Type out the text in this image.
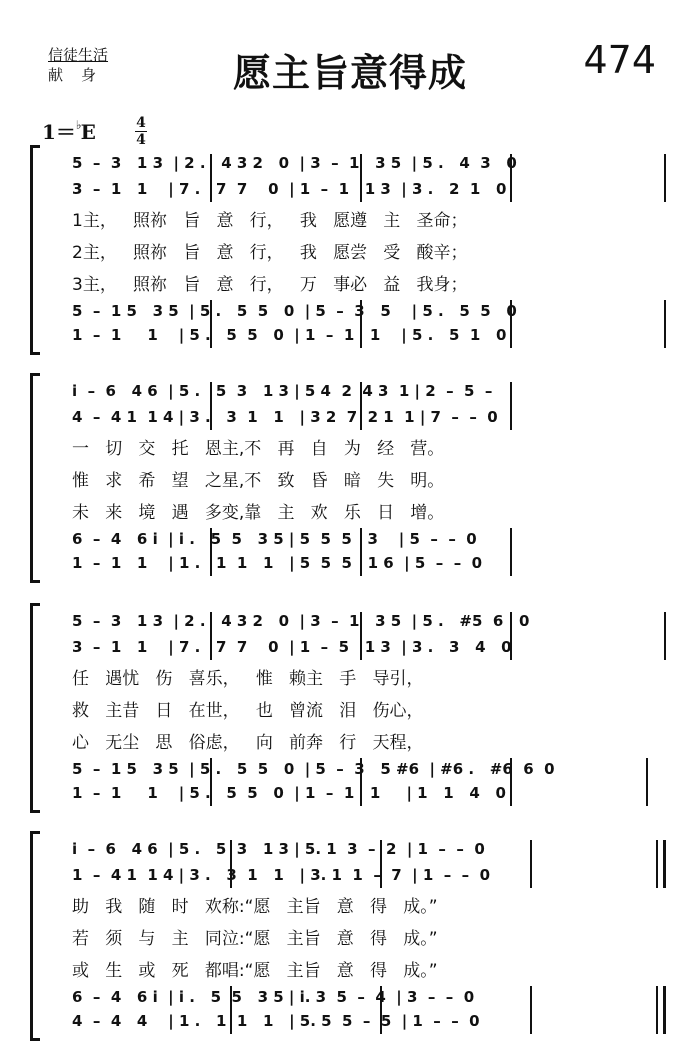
信徒生活
献身	愿主旨意得成	474
1＝♭E	4
4
5  –  3   1 3  | 2 .   4 3 2   0  | 3  –  1   3 5  | 5 .   4  3   0
3  –  1   1    | 7 .   7  7    0  | 1  –  1   1 3  | 3 .   2  1   0
1主，   照祢   旨   意   行，   我   愿遵   主   圣命；
2主，   照祢   旨   意   行，   我   愿尝   受   酸辛；
3主，   照祢   旨   意   行，   万   事必   益   我身；
5  –  1 5   3 5  | 5 .   5  5   0  | 5  –  3   5    | 5 .   5  5   0
1  –  1     1    | 5 .   5  5   0  | 1  –  1   1    | 5 .   5  1   0
i  –  6   4 6  | 5 .   5  3   1 3 | 5 4  2  4 3  1 | 2  –  5  –
4  –  4 1  1 4 | 3 .   3  1   1   | 3 2  7  2 1  1 | 7  –  –  0
一   切   交   托   恩主,不   再   自   为   经   营。
惟   求   希   望   之星,不   致   昏   暗   失   明。
未   来   境   遇   多变,靠   主   欢   乐   日   增。
6  –  4   6 i  | i .   5  5   3 5 | 5  5  5   3    | 5  –  –  0
1  –  1   1    | 1 .   1  1   1   | 5  5  5   1 6  | 5  –  –  0
5  –  3   1 3  | 2 .   4 3 2   0  | 3  –  1   3 5  | 5 .   #5  6   0
3  –  1   1    | 7 .   7  7    0  | 1  –  5   1 3  | 3 .   3   4   0
任   遇忧   伤   喜乐，   惟   赖主   手   导引，
救   主昔   日   在世，   也   曾流   泪   伤心，
心   无尘   思   俗虑，   向   前奔   行   天程，
5  –  1 5   3 5  | 5 .   5  5   0  | 5  –  3   5 #6  | #6 .   #6  6  0
1  –  1     1    | 5 .   5  5   0  | 1  –  1   1     | 1   1   4   0
i  –  6   4 6  | 5 .   5  3   1 3 | 5. 1  3  –  2  | 1  –  –  0
1  –  4 1  1 4 | 3 .   3  1   1   | 3. 1  1  –  7  | 1  –  –  0
助   我   随   时   欢称:“愿   主旨   意   得   成。”
若   须   与   主   同泣:“愿   主旨   意   得   成。”
或   生   或   死   都唱:“愿   主旨   意   得   成。”
6  –  4   6 i  | i .   5  5   3 5 | i. 3  5  –  4  | 3  –  –  0
4  –  4   4    | 1 .   1  1   1   | 5. 5  5  –  5  | 1  –  –  0
